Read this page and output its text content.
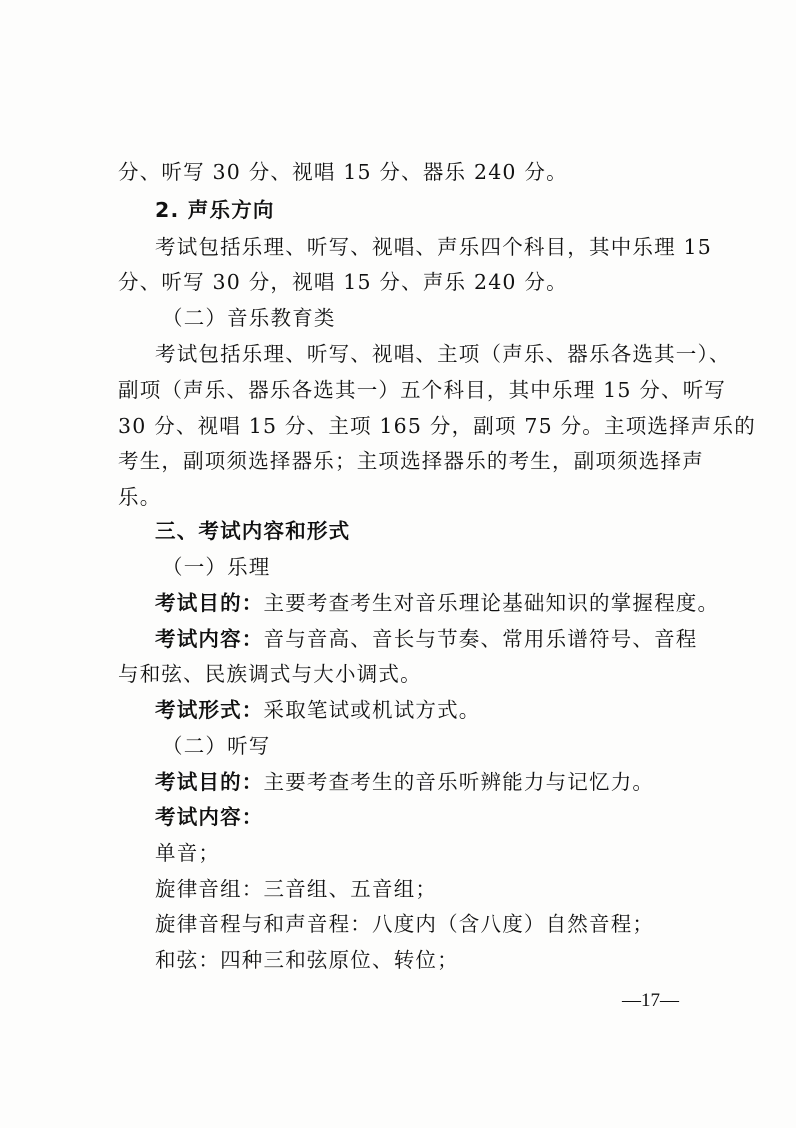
分、听写 30 分、视唱 15 分、器乐 240 分。
2. 声乐方向
考试包括乐理、听写、视唱、声乐四个科目，其中乐理 15
分、听写 30 分，视唱 15 分、声乐 240 分。
（二）音乐教育类
考试包括乐理、听写、视唱、主项（声乐、器乐各选其一）、
副项（声乐、器乐各选其一）五个科目，其中乐理 15 分、听写
30 分、视唱 15 分、主项 165 分，副项 75 分。主项选择声乐的
考生，副项须选择器乐；主项选择器乐的考生，副项须选择声
乐。
三、考试内容和形式
（一）乐理
考试目的：主要考查考生对音乐理论基础知识的掌握程度。
考试内容：音与音高、音长与节奏、常用乐谱符号、音程
与和弦、民族调式与大小调式。
考试形式：采取笔试或机试方式。
（二）听写
考试目的：主要考查考生的音乐听辨能力与记忆力。
考试内容：
单音；
旋律音组：三音组、五音组；
旋律音程与和声音程：八度内（含八度）自然音程；
和弦：四种三和弦原位、转位；
—17—
